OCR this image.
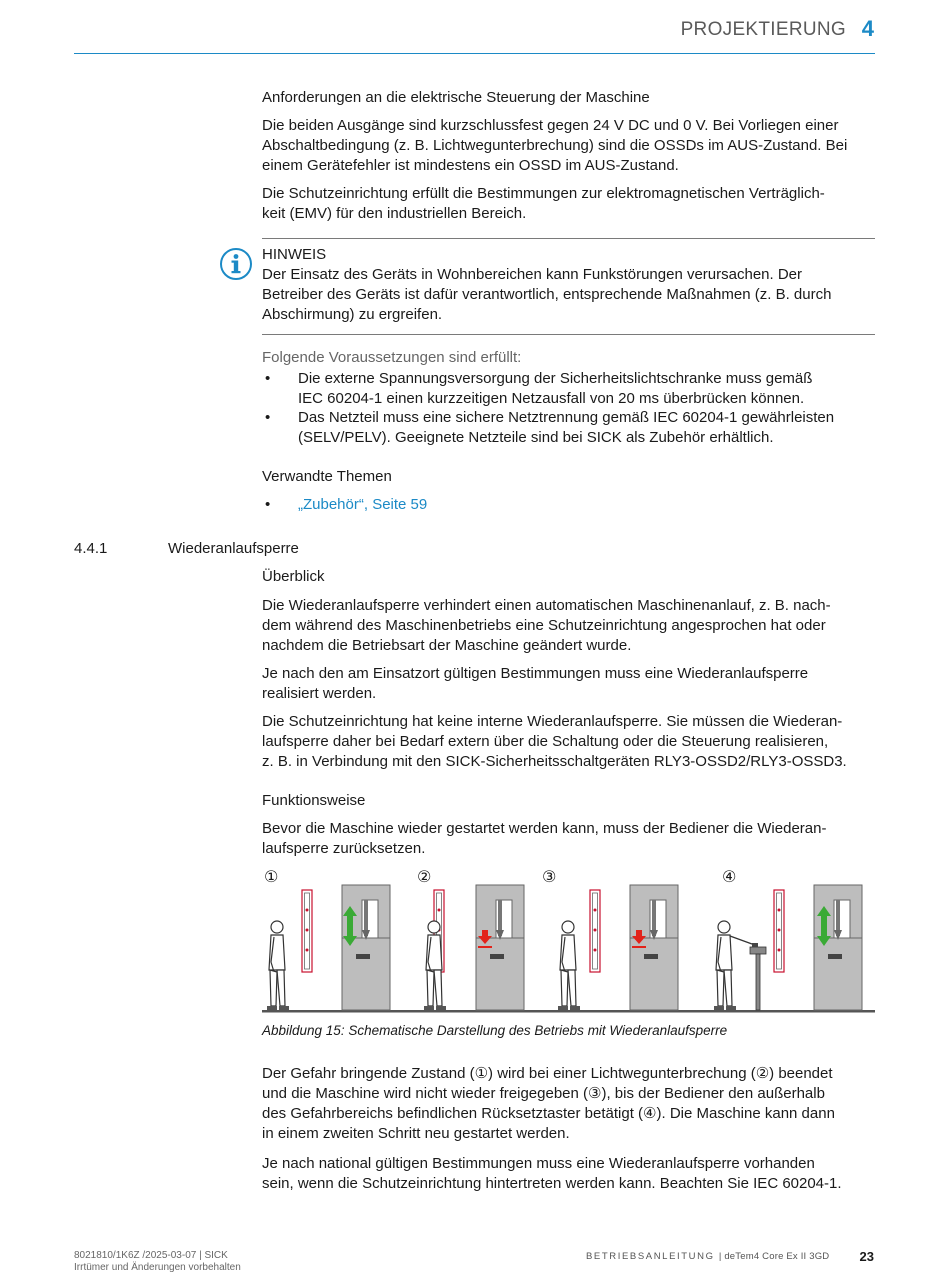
PROJEKTIERUNG 4
Anforderungen an die elektrische Steuerung der Maschine
Die beiden Ausgänge sind kurzschlussfest gegen 24 V DC und 0 V. Bei Vorliegen einer
Abschaltbedingung (z. B. Lichtwegunterbrechung) sind die OSSDs im AUS-Zustand. Bei
einem Gerätefehler ist mindestens ein OSSD im AUS-Zustand.
Die Schutzeinrichtung erfüllt die Bestimmungen zur elektromagnetischen Verträglich-
keit (EMV) für den industriellen Bereich.
HINWEIS
Der Einsatz des Geräts in Wohnbereichen kann Funkstörungen verursachen. Der
Betreiber des Geräts ist dafür verantwortlich, entsprechende Maßnahmen (z. B. durch
Abschirmung) zu ergreifen.
Folgende Voraussetzungen sind erfüllt:
• Die externe Spannungsversorgung der Sicherheitslichtschranke muss gemäß
IEC 60204-1 einen kurzzeitigen Netzausfall von 20 ms überbrücken können.
• Das Netzteil muss eine sichere Netztrennung gemäß IEC 60204-1 gewährleisten
(SELV/PELV). Geeignete Netzteile sind bei SICK als Zubehör erhältlich.
Verwandte Themen
• „Zubehör“, Seite 59
4.4.1	Wiederanlaufsperre
Überblick
Die Wiederanlaufsperre verhindert einen automatischen Maschinenanlauf, z. B. nach-
dem während des Maschinenbetriebs eine Schutzeinrichtung angesprochen hat oder
nachdem die Betriebsart der Maschine geändert wurde.
Je nach den am Einsatzort gültigen Bestimmungen muss eine Wiederanlaufsperre
realisiert werden.
Die Schutzeinrichtung hat keine interne Wiederanlaufsperre. Sie müssen die Wiederan-
laufsperre daher bei Bedarf extern über die Schaltung oder die Steuerung realisieren,
z. B. in Verbindung mit den SICK-Sicherheitsschaltgeräten RLY3-OSSD2/RLY3-OSSD3.
Funktionsweise
Bevor die Maschine wieder gestartet werden kann, muss der Bediener die Wiederan-
laufsperre zurücksetzen.
①	②	③	④
Abbildung 15: Schematische Darstellung des Betriebs mit Wiederanlaufsperre
Der Gefahr bringende Zustand (①) wird bei einer Lichtwegunterbrechung (②) beendet
und die Maschine wird nicht wieder freigegeben (③), bis der Bediener den außerhalb
des Gefahrbereichs befindlichen Rücksetztaster betätigt (④). Die Maschine kann dann
in einem zweiten Schritt neu gestartet werden.
Je nach national gültigen Bestimmungen muss eine Wiederanlaufsperre vorhanden
sein, wenn die Schutzeinrichtung hintertreten werden kann. Beachten Sie IEC 60204-1.
8021810/1K6Z /2025-03-07 | SICK
Irrtümer und Änderungen vorbehalten
BETRIEBSANLEITUNG | deTem4 Core Ex II 3GD 23
